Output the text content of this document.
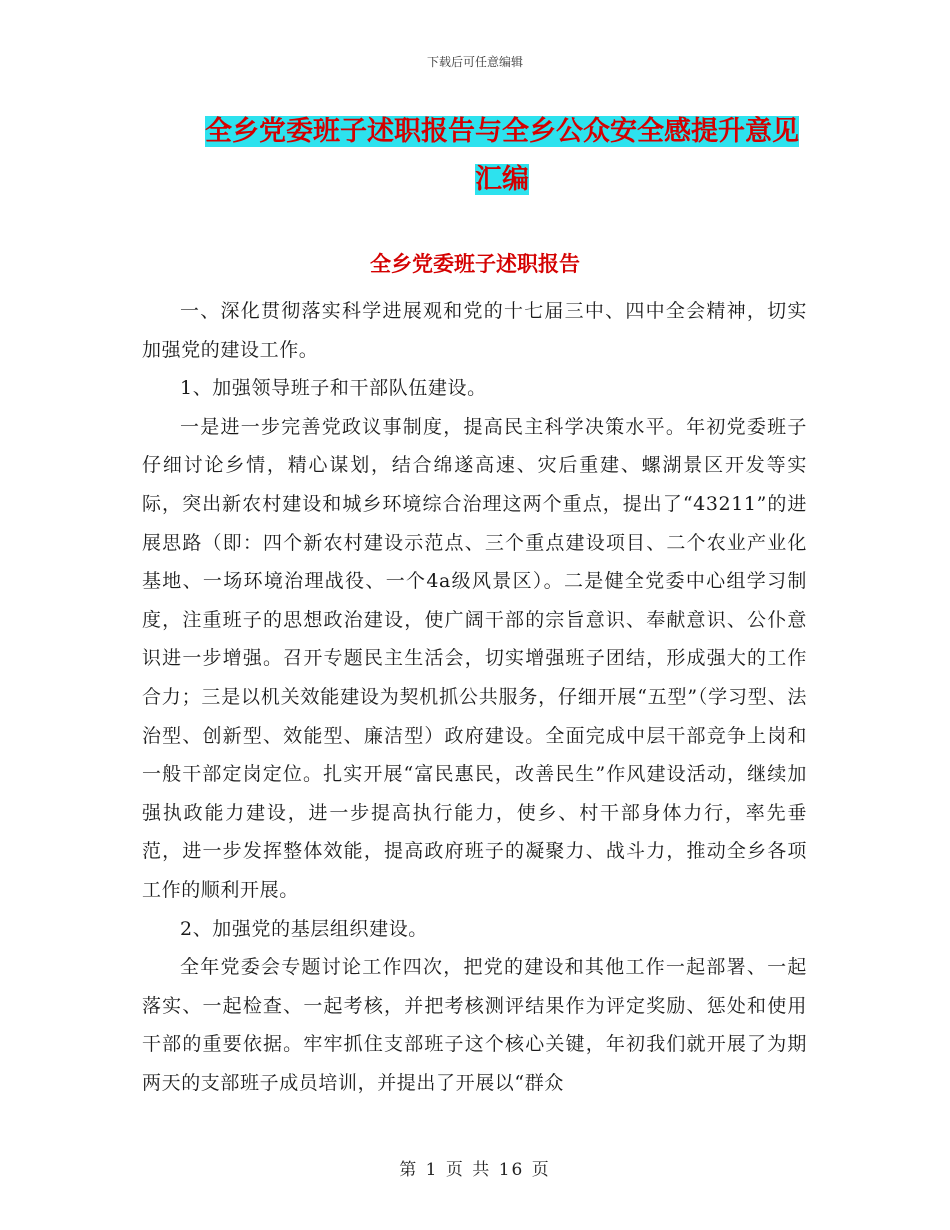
下载后可任意编辑
全乡党委班子述职报告与全乡公众安全感提升意见汇编
全乡党委班子述职报告

一、深化贯彻落实科学进展观和党的十七届三中、四中全会精神，切实加强党的建设工作。

1、加强领导班子和干部队伍建设。

一是进一步完善党政议事制度，提高民主科学决策水平。年初党委班子仔细讨论乡情，精心谋划，结合绵遂高速、灾后重建、螺湖景区开发等实际，突出新农村建设和城乡环境综合治理这两个重点，提出了“43211”的进展思路（即：四个新农村建设示范点、三个重点建设项目、二个农业产业化基地、一场环境治理战役、一个4a级风景区）。二是健全党委中心组学习制度，注重班子的思想政治建设，使广阔干部的宗旨意识、奉献意识、公仆意识进一步增强。召开专题民主生活会，切实增强班子团结，形成强大的工作合力；三是以机关效能建设为契机抓公共服务，仔细开展“五型”（学习型、法治型、创新型、效能型、廉洁型）政府建设。全面完成中层干部竞争上岗和一般干部定岗定位。扎实开展“富民惠民，改善民生”作风建设活动，继续加强执政能力建设，进一步提高执行能力，使乡、村干部身体力行，率先垂范，进一步发挥整体效能，提高政府班子的凝聚力、战斗力，推动全乡各项工作的顺利开展。

2、加强党的基层组织建设。

全年党委会专题讨论工作四次，把党的建设和其他工作一起部署、一起落实、一起检查、一起考核，并把考核测评结果作为评定奖励、惩处和使用干部的重要依据。牢牢抓住支部班子这个核心关键，年初我们就开展了为期两天的支部班子成员培训，并提出了开展以“群众

第 1 页 共 16 页
